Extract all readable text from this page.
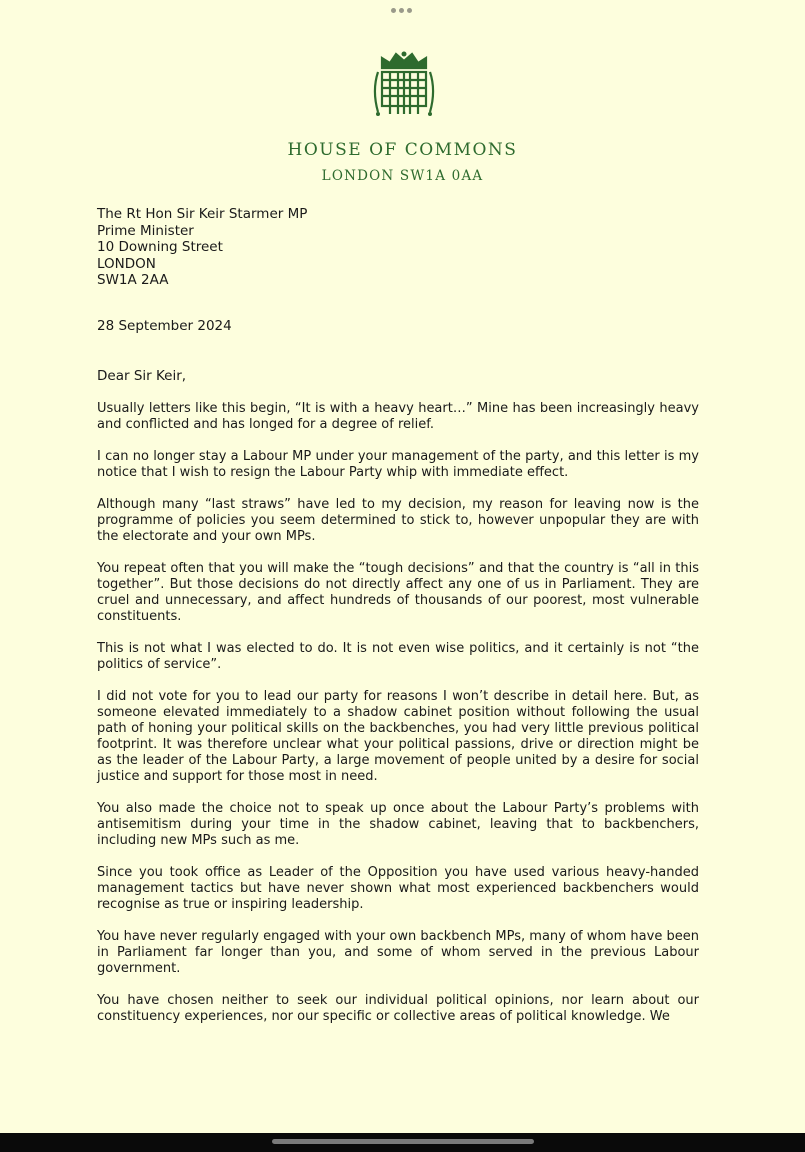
HOUSE OF COMMONS
LONDON SW1A 0AA
The Rt Hon Sir Keir Starmer MP
Prime Minister
10 Downing Street
LONDON
SW1A 2AA
28 September 2024
Dear Sir Keir,

Usually letters like this begin, “It is with a heavy heart…” Mine has been increasingly heavy and conflicted and has longed for a degree of relief.

I can no longer stay a Labour MP under your management of the party, and this letter is my notice that I wish to resign the Labour Party whip with immediate effect.

Although many “last straws” have led to my decision, my reason for leaving now is the programme of policies you seem determined to stick to, however unpopular they are with the electorate and your own MPs.

You repeat often that you will make the “tough decisions” and that the country is “all in this together”. But those decisions do not directly affect any one of us in Parliament. They are cruel and unnecessary, and affect hundreds of thousands of our poorest, most vulnerable constituents.

This is not what I was elected to do. It is not even wise politics, and it certainly is not “the politics of service”.

I did not vote for you to lead our party for reasons I won’t describe in detail here. But, as someone elevated immediately to a shadow cabinet position without following the usual path of honing your political skills on the backbenches, you had very little previous political footprint. It was therefore unclear what your political passions, drive or direction might be as the leader of the Labour Party, a large movement of people united by a desire for social justice and support for those most in need.

You also made the choice not to speak up once about the Labour Party’s problems with antisemitism during your time in the shadow cabinet, leaving that to backbenchers, including new MPs such as me.

Since you took office as Leader of the Opposition you have used various heavy-handed management tactics but have never shown what most experienced backbenchers would recognise as true or inspiring leadership.

You have never regularly engaged with your own backbench MPs, many of whom have been in Parliament far longer than you, and some of whom served in the previous Labour government.

You have chosen neither to seek our individual political opinions, nor learn about our constituency experiences, nor our specific or collective areas of political knowledge. We
